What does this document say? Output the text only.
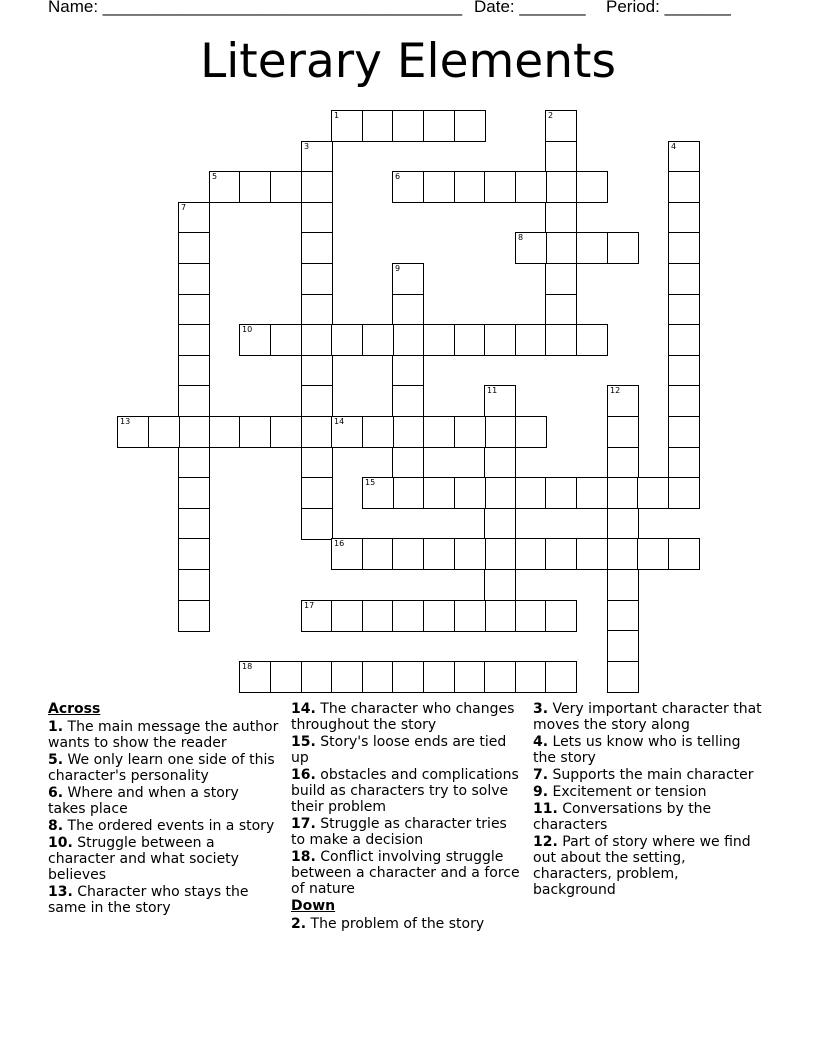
Name: ______________________________________ Date: _______ Period: _______
Literary Elements
1	2
3	4
5	6
7
8
9
10
11	12
13	14
15
16
17
18
Across
1. The main message the author wants to show the reader
5. We only learn one side of this character's personality
6. Where and when a story takes place
8. The ordered events in a story
10. Struggle between a character and what society believes
13. Character who stays the same in the story
14. The character who changes throughout the story
15. Story's loose ends are tied up
16. obstacles and complications build as characters try to solve their problem
17. Struggle as character tries to make a decision
18. Conflict involving struggle between a character and a force of nature
Down
2. The problem of the story
3. Very important character that moves the story along
4. Lets us know who is telling the story
7. Supports the main character
9. Excitement or tension
11. Conversations by the characters
12. Part of story where we find out about the setting, characters, problem, background
